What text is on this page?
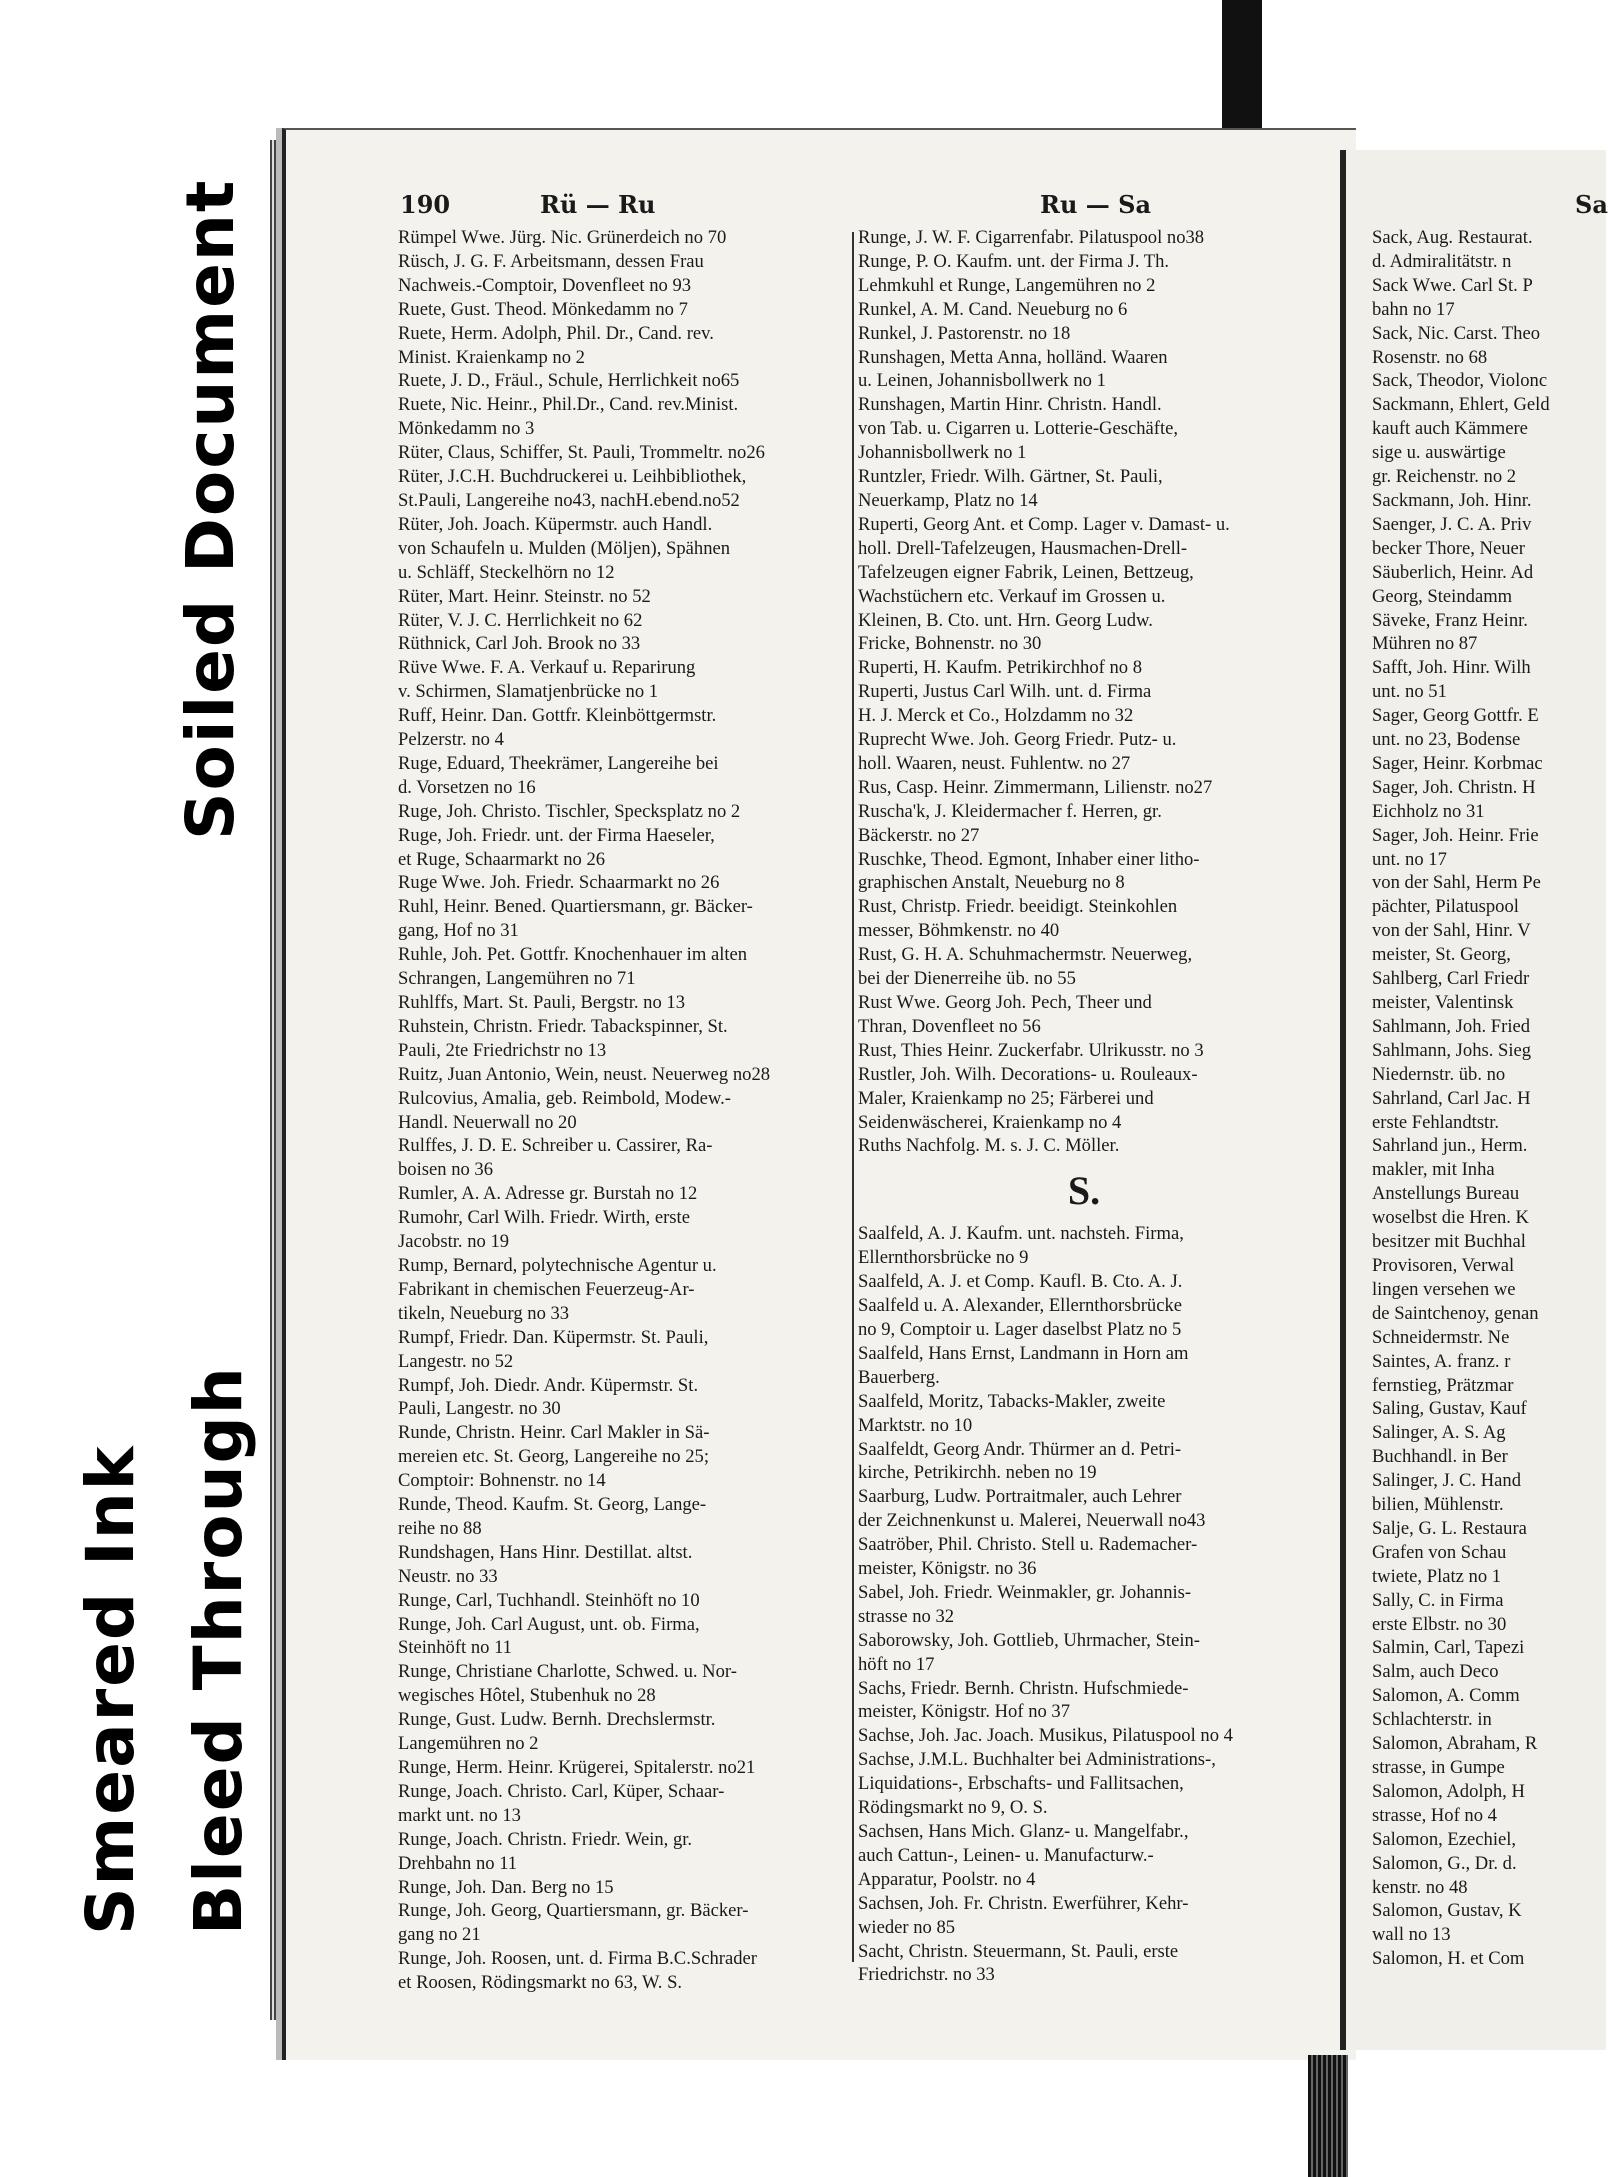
Soiled Document
Smeared Ink Bleed Through
190	Rü — Ru	Ru — Sa	Sa
Rümpel Wwe. Jürg. Nic. Grünerdeich no 70
Rüsch, J. G. F. Arbeitsmann, dessen Frau
Nachweis.-Comptoir, Dovenfleet no 93
Ruete, Gust. Theod. Mönkedamm no 7
Ruete, Herm. Adolph, Phil. Dr., Cand. rev.
Minist. Kraienkamp no 2
Ruete, J. D., Fräul., Schule, Herrlichkeit no65
Ruete, Nic. Heinr., Phil.Dr., Cand. rev.Minist.
Mönkedamm no 3
Rüter, Claus, Schiffer, St. Pauli, Trommeltr. no26
Rüter, J.C.H. Buchdruckerei u. Leihbibliothek,
St.Pauli, Langereihe no43, nachH.ebend.no52
Rüter, Joh. Joach. Küpermstr. auch Handl.
von Schaufeln u. Mulden (Möljen), Spähnen
u. Schläff, Steckelhörn no 12
Rüter, Mart. Heinr. Steinstr. no 52
Rüter, V. J. C. Herrlichkeit no 62
Rüthnick, Carl Joh. Brook no 33
Rüve Wwe. F. A. Verkauf u. Reparirung
v. Schirmen, Slamatjenbrücke no 1
Ruff, Heinr. Dan. Gottfr. Kleinböttgermstr.
Pelzerstr. no 4
Ruge, Eduard, Theekrämer, Langereihe bei
d. Vorsetzen no 16
Ruge, Joh. Christo. Tischler, Specksplatz no 2
Ruge, Joh. Friedr. unt. der Firma Haeseler,
et Ruge, Schaarmarkt no 26
Ruge Wwe. Joh. Friedr. Schaarmarkt no 26
Ruhl, Heinr. Bened. Quartiersmann, gr. Bäcker-
gang, Hof no 31
Ruhle, Joh. Pet. Gottfr. Knochenhauer im alten
Schrangen, Langemühren no 71
Ruhlffs, Mart. St. Pauli, Bergstr. no 13
Ruhstein, Christn. Friedr. Tabackspinner, St.
Pauli, 2te Friedrichstr no 13
Ruitz, Juan Antonio, Wein, neust. Neuerweg no28
Rulcovius, Amalia, geb. Reimbold, Modew.-
Handl. Neuerwall no 20
Rulffes, J. D. E. Schreiber u. Cassirer, Ra-
boisen no 36
Rumler, A. A. Adresse gr. Burstah no 12
Rumohr, Carl Wilh. Friedr. Wirth, erste
Jacobstr. no 19
Rump, Bernard, polytechnische Agentur u.
Fabrikant in chemischen Feuerzeug-Ar-
tikeln, Neueburg no 33
Rumpf, Friedr. Dan. Küpermstr. St. Pauli,
Langestr. no 52
Rumpf, Joh. Diedr. Andr. Küpermstr. St.
Pauli, Langestr. no 30
Runde, Christn. Heinr. Carl Makler in Sä-
mereien etc. St. Georg, Langereihe no 25;
Comptoir: Bohnenstr. no 14
Runde, Theod. Kaufm. St. Georg, Lange-
reihe no 88
Rundshagen, Hans Hinr. Destillat. altst.
Neustr. no 33
Runge, Carl, Tuchhandl. Steinhöft no 10
Runge, Joh. Carl August, unt. ob. Firma,
Steinhöft no 11
Runge, Christiane Charlotte, Schwed. u. Nor-
wegisches Hôtel, Stubenhuk no 28
Runge, Gust. Ludw. Bernh. Drechslermstr.
Langemühren no 2
Runge, Herm. Heinr. Krügerei, Spitalerstr. no21
Runge, Joach. Christo. Carl, Küper, Schaar-
markt unt. no 13
Runge, Joach. Christn. Friedr. Wein, gr.
Drehbahn no 11
Runge, Joh. Dan. Berg no 15
Runge, Joh. Georg, Quartiersmann, gr. Bäcker-
gang no 21
Runge, Joh. Roosen, unt. d. Firma B.C.Schrader
et Roosen, Rödingsmarkt no 63, W. S.
Runge, J. W. F. Cigarrenfabr. Pilatuspool no38
Runge, P. O. Kaufm. unt. der Firma J. Th.
Lehmkuhl et Runge, Langemühren no 2
Runkel, A. M. Cand. Neueburg no 6
Runkel, J. Pastorenstr. no 18
Runshagen, Metta Anna, holländ. Waaren
u. Leinen, Johannisbollwerk no 1
Runshagen, Martin Hinr. Christn. Handl.
von Tab. u. Cigarren u. Lotterie-Geschäfte,
Johannisbollwerk no 1
Runtzler, Friedr. Wilh. Gärtner, St. Pauli,
Neuerkamp, Platz no 14
Ruperti, Georg Ant. et Comp. Lager v. Damast- u.
holl. Drell-Tafelzeugen, Hausmachen-Drell-
Tafelzeugen eigner Fabrik, Leinen, Bettzeug,
Wachstüchern etc. Verkauf im Grossen u.
Kleinen, B. Cto. unt. Hrn. Georg Ludw.
Fricke, Bohnenstr. no 30
Ruperti, H. Kaufm. Petrikirchhof no 8
Ruperti, Justus Carl Wilh. unt. d. Firma
H. J. Merck et Co., Holzdamm no 32
Ruprecht Wwe. Joh. Georg Friedr. Putz- u.
holl. Waaren, neust. Fuhlentw. no 27
Rus, Casp. Heinr. Zimmermann, Lilienstr. no27
Ruscha'k, J. Kleidermacher f. Herren, gr.
Bäckerstr. no 27
Ruschke, Theod. Egmont, Inhaber einer litho-
graphischen Anstalt, Neueburg no 8
Rust, Christp. Friedr. beeidigt. Steinkohlen
messer, Böhmkenstr. no 40
Rust, G. H. A. Schuhmachermstr. Neuerweg,
bei der Dienerreihe üb. no 55
Rust Wwe. Georg Joh. Pech, Theer und
Thran, Dovenfleet no 56
Rust, Thies Heinr. Zuckerfabr. Ulrikusstr. no 3
Rustler, Joh. Wilh. Decorations- u. Rouleaux-
Maler, Kraienkamp no 25; Färberei und
Seidenwäscherei, Kraienkamp no 4
Ruths Nachfolg. M. s. J. C. Möller.
S.
Saalfeld, A. J. Kaufm. unt. nachsteh. Firma,
Ellernthorsbrücke no 9
Saalfeld, A. J. et Comp. Kaufl. B. Cto. A. J.
Saalfeld u. A. Alexander, Ellernthorsbrücke
no 9, Comptoir u. Lager daselbst Platz no 5
Saalfeld, Hans Ernst, Landmann in Horn am
Bauerberg.
Saalfeld, Moritz, Tabacks-Makler, zweite
Marktstr. no 10
Saalfeldt, Georg Andr. Thürmer an d. Petri-
kirche, Petrikirchh. neben no 19
Saarburg, Ludw. Portraitmaler, auch Lehrer
der Zeichnenkunst u. Malerei, Neuerwall no43
Saatröber, Phil. Christo. Stell u. Rademacher-
meister, Königstr. no 36
Sabel, Joh. Friedr. Weinmakler, gr. Johannis-
strasse no 32
Saborowsky, Joh. Gottlieb, Uhrmacher, Stein-
höft no 17
Sachs, Friedr. Bernh. Christn. Hufschmiede-
meister, Königstr. Hof no 37
Sachse, Joh. Jac. Joach. Musikus, Pilatuspool no 4
Sachse, J.M.L. Buchhalter bei Administrations-,
Liquidations-, Erbschafts- und Fallitsachen,
Rödingsmarkt no 9, O. S.
Sachsen, Hans Mich. Glanz- u. Mangelfabr.,
auch Cattun-, Leinen- u. Manufacturw.-
Apparatur, Poolstr. no 4
Sachsen, Joh. Fr. Christn. Ewerführer, Kehr-
wieder no 85
Sacht, Christn. Steuermann, St. Pauli, erste
Friedrichstr. no 33
Sack, Aug. Restaurat.
d. Admiralitätstr. n
Sack Wwe. Carl St. P
bahn no 17
Sack, Nic. Carst. Theo
Rosenstr. no 68
Sack, Theodor, Violonc
Sackmann, Ehlert, Geld
kauft auch Kämmere
sige u. auswärtige
gr. Reichenstr. no 2
Sackmann, Joh. Hinr.
Saenger, J. C. A. Priv
becker Thore, Neuer
Säuberlich, Heinr. Ad
Georg, Steindamm
Säveke, Franz Heinr.
Mühren no 87
Safft, Joh. Hinr. Wilh
unt. no 51
Sager, Georg Gottfr. E
unt. no 23, Bodense
Sager, Heinr. Korbmac
Sager, Joh. Christn. H
Eichholz no 31
Sager, Joh. Heinr. Frie
unt. no 17
von der Sahl, Herm Pe
pächter, Pilatuspool
von der Sahl, Hinr. V
meister, St. Georg,
Sahlberg, Carl Friedr
meister, Valentinsk
Sahlmann, Joh. Fried
Sahlmann, Johs. Sieg
Niedernstr. üb. no
Sahrland, Carl Jac. H
erste Fehlandtstr.
Sahrland jun., Herm.
makler, mit Inha
Anstellungs Bureau
woselbst die Hren. K
besitzer mit Buchhal
Provisoren, Verwal
lingen versehen we
de Saintchenoy, genan
Schneidermstr. Ne
Saintes, A. franz. r
fernstieg, Prätzmar
Saling, Gustav, Kauf
Salinger, A. S. Ag
Buchhandl. in Ber
Salinger, J. C. Hand
bilien, Mühlenstr.
Salje, G. L. Restaura
Grafen von Schau
twiete, Platz no 1
Sally, C. in Firma
erste Elbstr. no 30
Salmin, Carl, Tapezi
Salm, auch Deco
Salomon, A. Comm
Schlachterstr. in
Salomon, Abraham, R
strasse, in Gumpe
Salomon, Adolph, H
strasse, Hof no 4
Salomon, Ezechiel,
Salomon, G., Dr. d.
kenstr. no 48
Salomon, Gustav, K
wall no 13
Salomon, H. et Com
